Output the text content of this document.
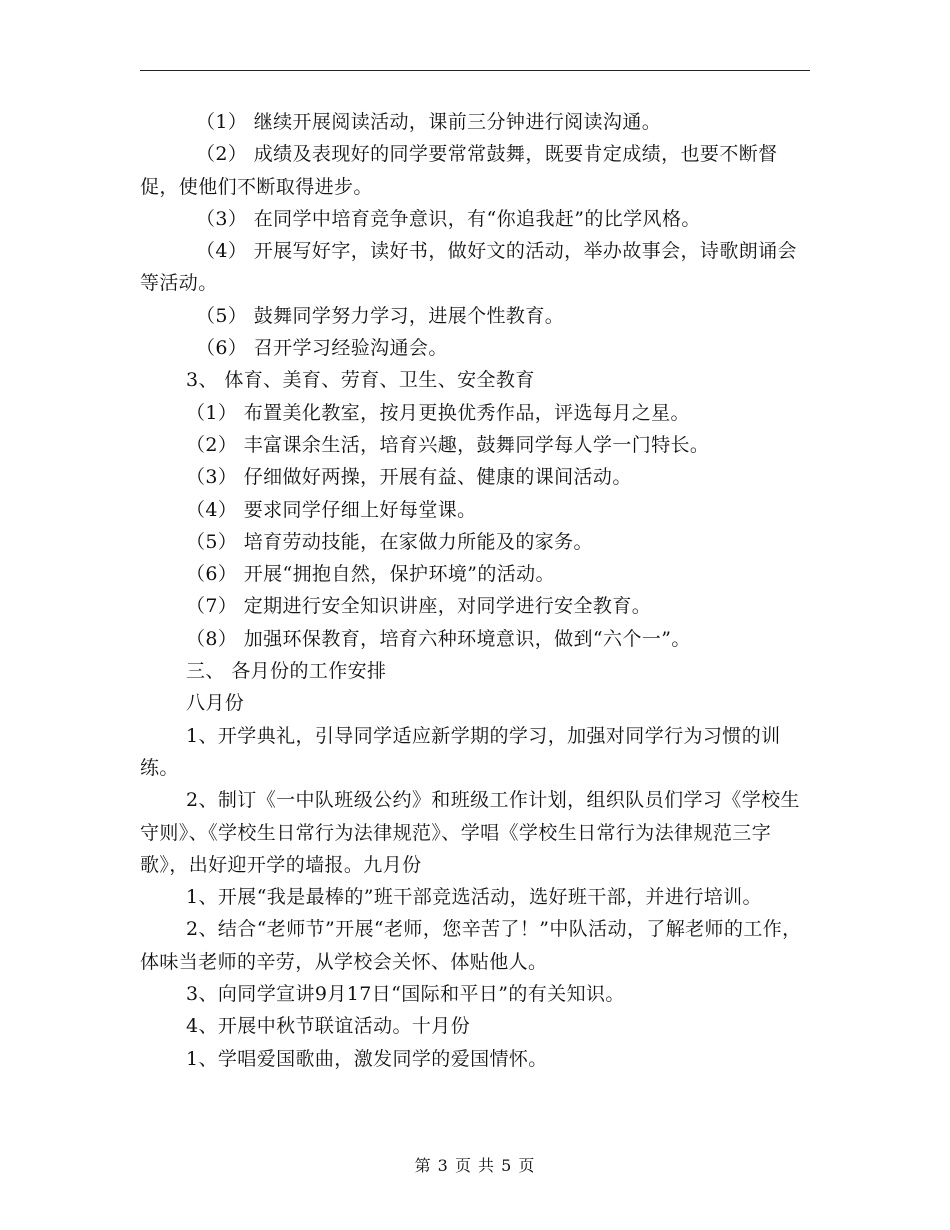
（1） 继续开展阅读活动，课前三分钟进行阅读沟通。

（2） 成绩及表现好的同学要常常鼓舞，既要肯定成绩，也要不断督促，使他们不断取得进步。

（3） 在同学中培育竞争意识，有“你追我赶”的比学风格。

（4） 开展写好字，读好书，做好文的活动，举办故事会，诗歌朗诵会等活动。

（5） 鼓舞同学努力学习，进展个性教育。

（6） 召开学习经验沟通会。

3、 体育、美育、劳育、卫生、安全教育

（1） 布置美化教室，按月更换优秀作品，评选每月之星。

（2） 丰富课余生活，培育兴趣，鼓舞同学每人学一门特长。

（3） 仔细做好两操，开展有益、健康的课间活动。

（4） 要求同学仔细上好每堂课。

（5） 培育劳动技能，在家做力所能及的家务。

（6） 开展“拥抱自然，保护环境”的活动。

（7） 定期进行安全知识讲座，对同学进行安全教育。

（8） 加强环保教育，培育六种环境意识，做到“六个一”。

三、 各月份的工作安排

八月份

1、开学典礼，引导同学适应新学期的学习，加强对同学行为习惯的训练。

2、制订《一中队班级公约》和班级工作计划，组织队员们学习《学校生守则》、《学校生日常行为法律规范》、学唱《学校生日常行为法律规范三字歌》，出好迎开学的墙报。九月份

1、开展“我是最棒的”班干部竞选活动，选好班干部，并进行培训。

2、结合“老师节”开展“老师，您辛苦了！”中队活动，了解老师的工作，体味当老师的辛劳，从学校会关怀、体贴他人。

3、向同学宣讲9月17日“国际和平日”的有关知识。

4、开展中秋节联谊活动。十月份

1、学唱爱国歌曲，激发同学的爱国情怀。

第 3 页 共 5 页
